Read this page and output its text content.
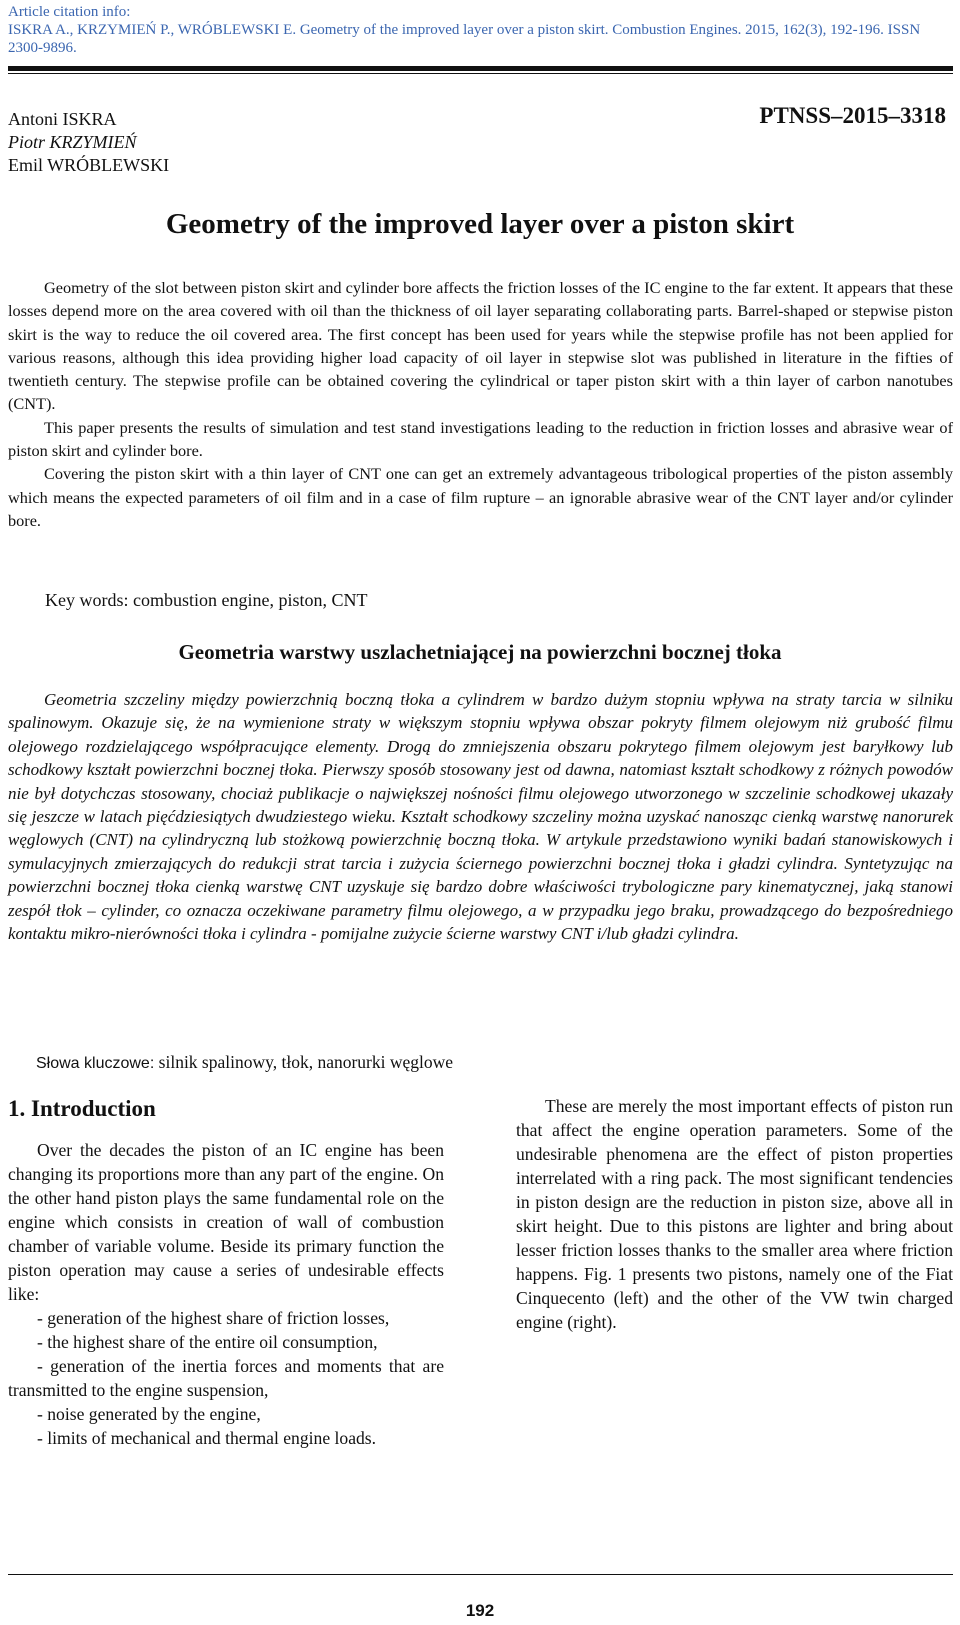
Article citation info:
ISKRA A., KRZYMIEŃ P., WRÓBLEWSKI E. Geometry of the improved layer over a piston skirt. Combustion Engines. 2015, 162(3), 192-196. ISSN 2300-9896.
Antoni ISKRA
Piotr KRZYMIEŃ
Emil WRÓBLEWSKI
PTNSS–2015–3318
Geometry of the improved layer over a piston skirt

Geometry of the slot between piston skirt and cylinder bore affects the friction losses of the IC engine to the far extent. It appears that these losses depend more on the area covered with oil than the thickness of oil layer separating collaborating parts. Barrel-shaped or stepwise piston skirt is the way to reduce the oil covered area. The first concept has been used for years while the stepwise profile has not been applied for various reasons, although this idea providing higher load capacity of oil layer in stepwise slot was published in literature in the fifties of twentieth century. The stepwise profile can be obtained covering the cylindrical or taper piston skirt with a thin layer of carbon nanotubes (CNT).

This paper presents the results of simulation and test stand investigations leading to the reduction in friction losses and abrasive wear of piston skirt and cylinder bore.

Covering the piston skirt with a thin layer of CNT one can get an extremely advantageous tribological properties of the piston assembly which means the expected parameters of oil film and in a case of film rupture – an ignorable abrasive wear of the CNT layer and/or cylinder bore.

Key words: combustion engine, piston, CNT
Geometria warstwy uszlachetniającej na powierzchni bocznej tłoka

Geometria szczeliny między powierzchnią boczną tłoka a cylindrem w bardzo dużym stopniu wpływa na straty tarcia w silniku spalinowym. Okazuje się, że na wymienione straty w większym stopniu wpływa obszar pokryty filmem olejowym niż grubość filmu olejowego rozdzielającego współpracujące elementy. Drogą do zmniejszenia obszaru pokrytego filmem olejowym jest baryłkowy lub schodkowy kształt powierzchni bocznej tłoka. Pierwszy sposób stosowany jest od dawna, natomiast kształt schodkowy z różnych powodów nie był dotychczas stosowany, chociaż publikacje o największej nośności filmu olejowego utworzonego w szczelinie schodkowej ukazały się jeszcze w latach pięćdziesiątych dwudziestego wieku. Kształt schodkowy szczeliny można uzyskać nanosząc cienką warstwę nanorurek węglowych (CNT) na cylindryczną lub stożkową powierzchnię boczną tłoka. W artykule przedstawiono wyniki badań stanowiskowych i symulacyjnych zmierzających do redukcji strat tarcia i zużycia ściernego powierzchni bocznej tłoka i gładzi cylindra. Syntetyzując na powierzchni bocznej tłoka cienką warstwę CNT uzyskuje się bardzo dobre właściwości trybologiczne pary kinematycznej, jaką stanowi zespół tłok – cylinder, co oznacza oczekiwane parametry filmu olejowego, a w przypadku jego braku, prowadzącego do bezpośredniego kontaktu mikro-nierówności tłoka i cylindra - pomijalne zużycie ścierne warstwy CNT i/lub gładzi cylindra.

Słowa kluczowe: silnik spalinowy, tłok, nanorurki węglowe
1. Introduction

Over the decades the piston of an IC engine has been changing its proportions more than any part of the engine. On the other hand piston plays the same fundamental role on the engine which consists in creation of wall of combustion chamber of variable volume. Beside its primary function the piston operation may cause a series of undesirable effects like:

- generation of the highest share of friction losses,
- the highest share of the entire oil consumption,
- generation of the inertia forces and moments that are transmitted to the engine suspension,
- noise generated by the engine,
- limits of mechanical and thermal engine loads.

These are merely the most important effects of piston run that affect the engine operation parameters. Some of the undesirable phenomena are the effect of piston properties interrelated with a ring pack. The most significant tendencies in piston design are the reduction in piston size, above all in skirt height. Due to this pistons are lighter and bring about lesser friction losses thanks to the smaller area where friction happens. Fig. 1 presents two pistons, namely one of the Fiat Cinquecento (left) and the other of the VW twin charged engine (right).

192
